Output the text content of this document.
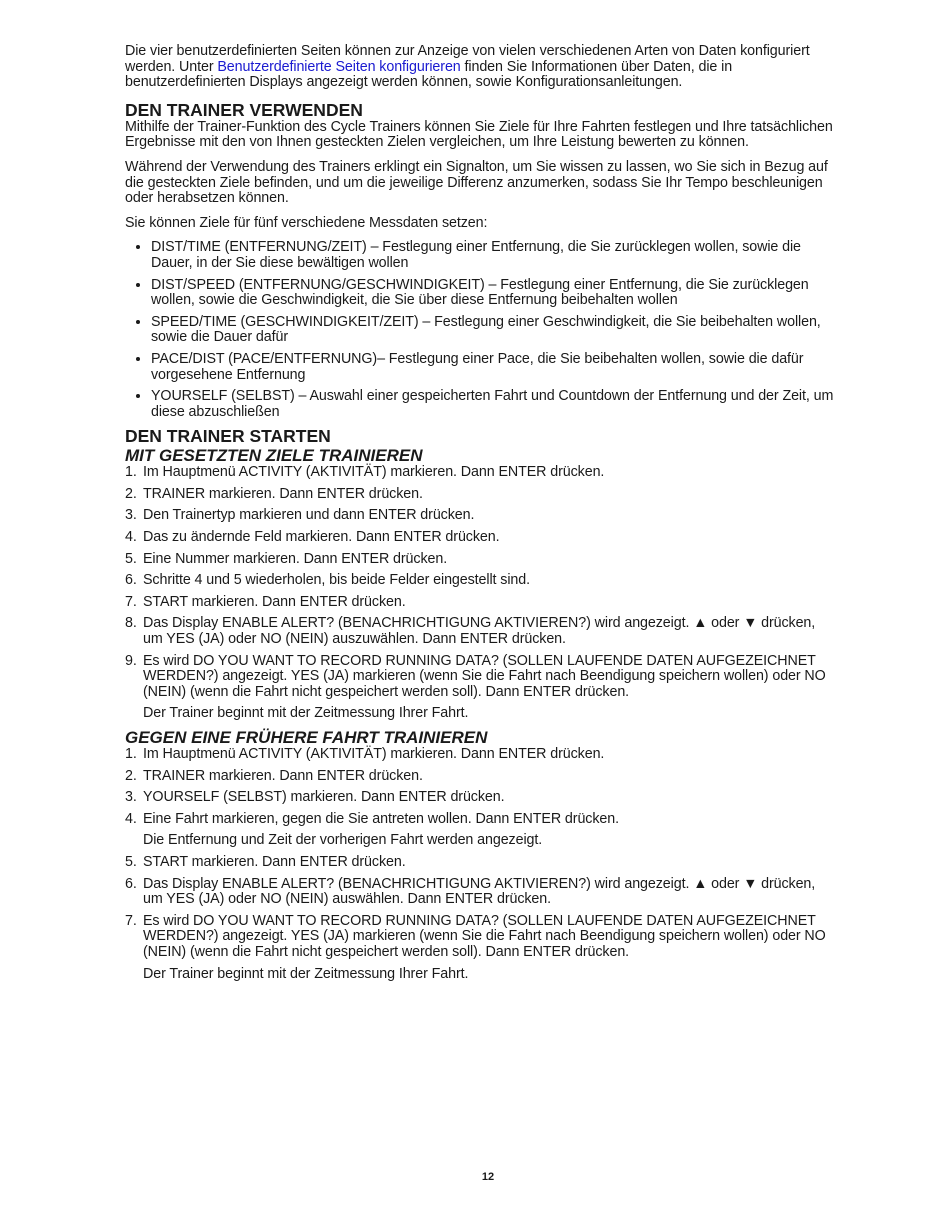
Die vier benutzerdefinierten Seiten können zur Anzeige von vielen verschiedenen Arten von Daten konfiguriert werden. Unter Benutzerdefinierte Seiten konfigurieren finden Sie Informationen über Daten, die in benutzerdefinierten Displays angezeigt werden können, sowie Konfigurationsanleitungen.

DEN TRAINER VERWENDEN

Mithilfe der Trainer-Funktion des Cycle Trainers können Sie Ziele für Ihre Fahrten festlegen und Ihre tatsächlichen Ergebnisse mit den von Ihnen gesteckten Zielen vergleichen, um Ihre Leistung bewerten zu können.

Während der Verwendung des Trainers erklingt ein Signalton, um Sie wissen zu lassen, wo Sie sich in Bezug auf die gesteckten Ziele befinden, und um die jeweilige Differenz anzumerken, sodass Sie Ihr Tempo beschleunigen oder herabsetzen können.

Sie können Ziele für fünf verschiedene Messdaten setzen:

• DIST/TIME (ENTFERNUNG/ZEIT) – Festlegung einer Entfernung, die Sie zurücklegen wollen, sowie die Dauer, in der Sie diese bewältigen wollen
• DIST/SPEED (ENTFERNUNG/GESCHWINDIGKEIT) – Festlegung einer Entfernung, die Sie zurücklegen wollen, sowie die Geschwindigkeit, die Sie über diese Entfernung beibehalten wollen
• SPEED/TIME (GESCHWINDIGKEIT/ZEIT) – Festlegung einer Geschwindigkeit, die Sie beibehalten wollen, sowie die Dauer dafür
• PACE/DIST (PACE/ENTFERNUNG)– Festlegung einer Pace, die Sie beibehalten wollen, sowie die dafür vorgesehene Entfernung
• YOURSELF (SELBST) – Auswahl einer gespeicherten Fahrt und Countdown der Entfernung und der Zeit, um diese abzuschließen
DEN TRAINER STARTEN
MIT GESETZTEN ZIELE TRAINIEREN
1. Im Hauptmenü ACTIVITY (AKTIVITÄT) markieren. Dann ENTER drücken.
2. TRAINER markieren. Dann ENTER drücken.
3. Den Trainertyp markieren und dann ENTER drücken.
4. Das zu ändernde Feld markieren. Dann ENTER drücken.
5. Eine Nummer markieren. Dann ENTER drücken.
6. Schritte 4 und 5 wiederholen, bis beide Felder eingestellt sind.
7. START markieren. Dann ENTER drücken.
8. Das Display ENABLE ALERT? (BENACHRICHTIGUNG AKTIVIEREN?) wird angezeigt. ▲ oder ▼ drücken, um YES (JA) oder NO (NEIN) auszuwählen. Dann ENTER drücken.
9. Es wird DO YOU WANT TO RECORD RUNNING DATA? (SOLLEN LAUFENDE DATEN AUFGEZEICHNET WERDEN?) angezeigt. YES (JA) markieren (wenn Sie die Fahrt nach Beendigung speichern wollen) oder NO (NEIN) (wenn die Fahrt nicht gespeichert werden soll). Dann ENTER drücken.
Der Trainer beginnt mit der Zeitmessung Ihrer Fahrt.
GEGEN EINE FRÜHERE FAHRT TRAINIEREN
1. Im Hauptmenü ACTIVITY (AKTIVITÄT) markieren. Dann ENTER drücken.
2. TRAINER markieren. Dann ENTER drücken.
3. YOURSELF (SELBST) markieren. Dann ENTER drücken.
4. Eine Fahrt markieren, gegen die Sie antreten wollen. Dann ENTER drücken.
Die Entfernung und Zeit der vorherigen Fahrt werden angezeigt.
5. START markieren. Dann ENTER drücken.
6. Das Display ENABLE ALERT? (BENACHRICHTIGUNG AKTIVIEREN?) wird angezeigt. ▲ oder ▼ drücken, um YES (JA) oder NO (NEIN) auswählen. Dann ENTER drücken.
7. Es wird DO YOU WANT TO RECORD RUNNING DATA? (SOLLEN LAUFENDE DATEN AUFGEZEICHNET WERDEN?) angezeigt. YES (JA) markieren (wenn Sie die Fahrt nach Beendigung speichern wollen) oder NO (NEIN) (wenn die Fahrt nicht gespeichert werden soll). Dann ENTER drücken.
Der Trainer beginnt mit der Zeitmessung Ihrer Fahrt.
12
